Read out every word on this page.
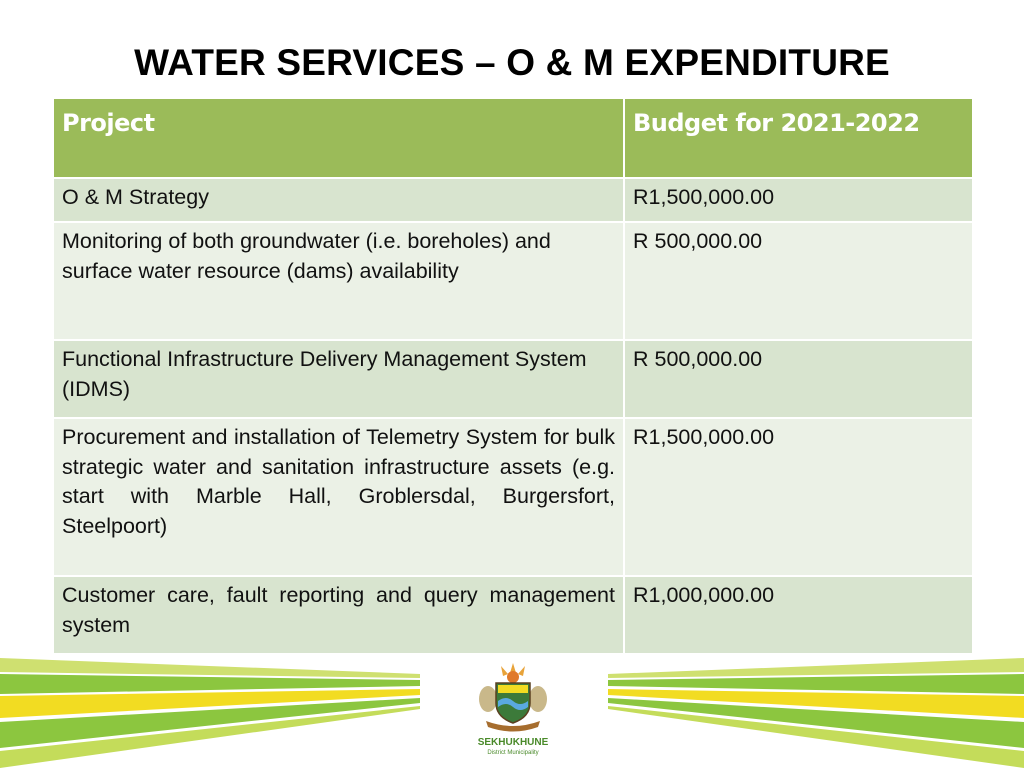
WATER SERVICES – O & M EXPENDITURE
Project	Budget for 2021-2022
O & M Strategy	R1,500,000.00
Monitoring of both groundwater (i.e. boreholes) and surface water resource (dams) availability	R 500,000.00
Functional Infrastructure Delivery Management System (IDMS)	R 500,000.00
Procurement and installation of Telemetry System for bulk strategic water and sanitation infrastructure assets (e.g. start with Marble Hall, Groblersdal, Burgersfort, Steelpoort)	R1,500,000.00
Customer care, fault reporting and query management system	R1,000,000.00
SEKHUKHUNE
District Municipality
